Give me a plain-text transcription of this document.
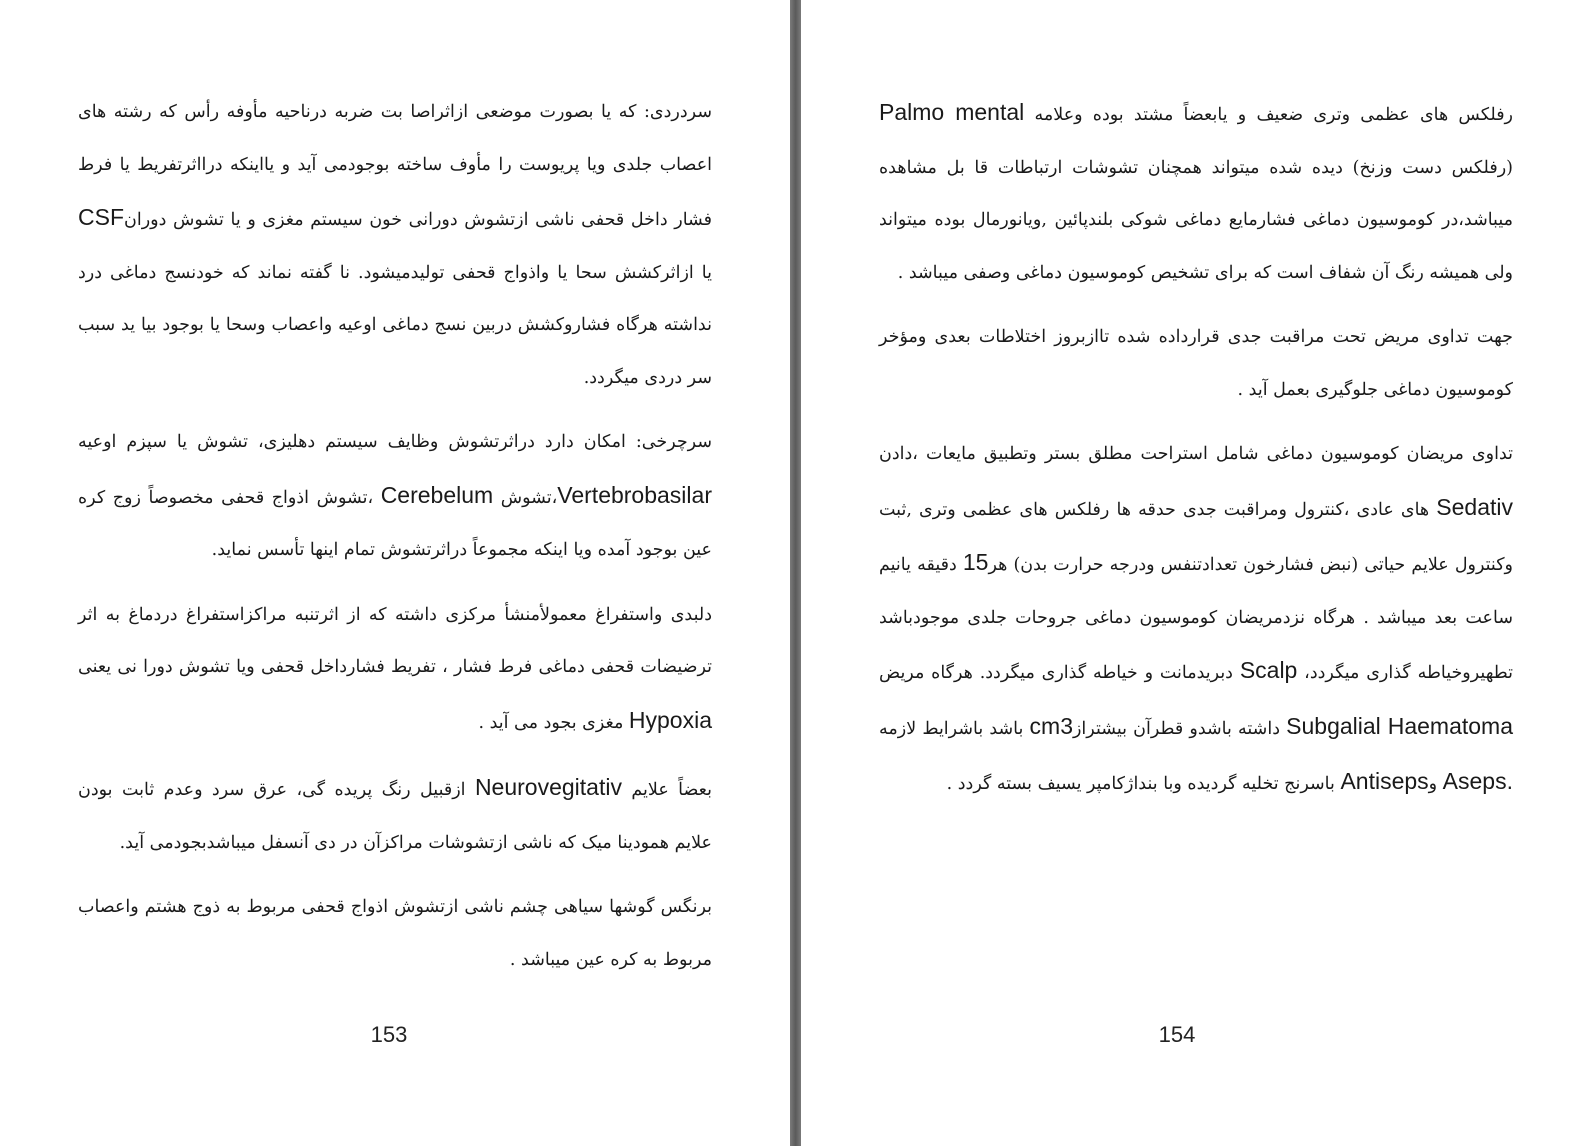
سردردی: که یا بصورت موضعی ازاثراصا بت ضربه درناحیه مأوفه رأس که رشته های اعصاب جلدی ویا پریوست را مأوف ساخته بوجودمی آید و یااینکه درااثرتفریط یا فرط فشار داخل قحفی ناشی ازتشوش دورانی خون سیستم مغزی و یا تشوش دورانCSF یا ازاثرکشش سحا یا واذواج قحفی تولیدمیشود. نا گفته نماند که خودنسج دماغی درد نداشته هرگاه فشاروکشش دربین نسج دماغی اوعیه واعصاب وسحا یا بوجود بیا ید سبب سر دردی میگردد.

سرچرخی: امکان دارد دراثرتشوش وظایف سیستم دهلیزی، تشوش یا سپزم اوعیه Vertebrobasilar،تشوش Cerebelum ،تشوش اذواج قحفی مخصوصاً زوج کره عین بوجود آمده ویا اینکه مجموعاً دراثرتشوش تمام اینها تأسس نماید.

دلبدی واستفراغ معمولأمنشأ مرکزی داشته که از اثرتنبه مراکزاستفراغ دردماغ به اثر ترضیضات قحفی دماغی فرط فشار ، تفریط فشارداخل قحفی ویا تشوش دورا نی یعنی Hypoxia مغزی بجود می آید .

بعضاً علایم Neurovegitativ ازقبیل رنگ پریده گی، عرق سرد وعدم ثابت بودن علایم همودینا میک که ناشی ازتشوشات مراکزآن در دی آنسفل میباشدبجودمی آید.

برنگس گوشها سیاهی چشم ناشی ازتشوش اذواج قحفی مربوط به ذوج هشتم واعصاب مربوط به کره عین میباشد .

153

رفلکس های عظمی وتری ضعیف و یابعضاً مشتد بوده وعلامه Palmo mental (رفلکس دست وزنخ) دیده شده میتواند همچنان تشوشات ارتباطات قا بل مشاهده میباشد،در کوموسیون دماغی فشارمایع دماغی شوکی بلندپائین ,ویانورمال بوده میتواند ولی همیشه رنگ آن شفاف است که برای تشخیص کوموسیون دماغی وصفی میباشد .

جهت تداوی مریض تحت مراقبت جدی قرارداده شده تاازبروز اختلاطات بعدی ومؤخر کوموسیون دماغی جلوگیری بعمل آید .

تداوی مریضان کوموسیون دماغی شامل استراحت مطلق بستر وتطبیق مایعات ،دادن Sedativ های عادی ،کنترول ومراقبت جدی حدقه ها رفلکس های عظمی وتری ,ثبت وکنترول علایم حیاتی (نبض فشارخون تعدادتنفس ودرجه حرارت بدن) هر15 دقیقه یانیم ساعت بعد میباشد . هرگاه نزدمریضان کوموسیون دماغی جروحات جلدی موجودباشد تطهیروخیاطه گذاری میگردد، Scalp دبریدمانت و خیاطه گذاری میگردد. هرگاه مریض Subgalial Haematoma داشته باشدو قطرآن بیشترازcm3 باشد باشرایط لازمه .Aseps وAntiseps باسرنج تخلیه گردیده وبا بنداژکامپر یسیف بسته گردد .

154
